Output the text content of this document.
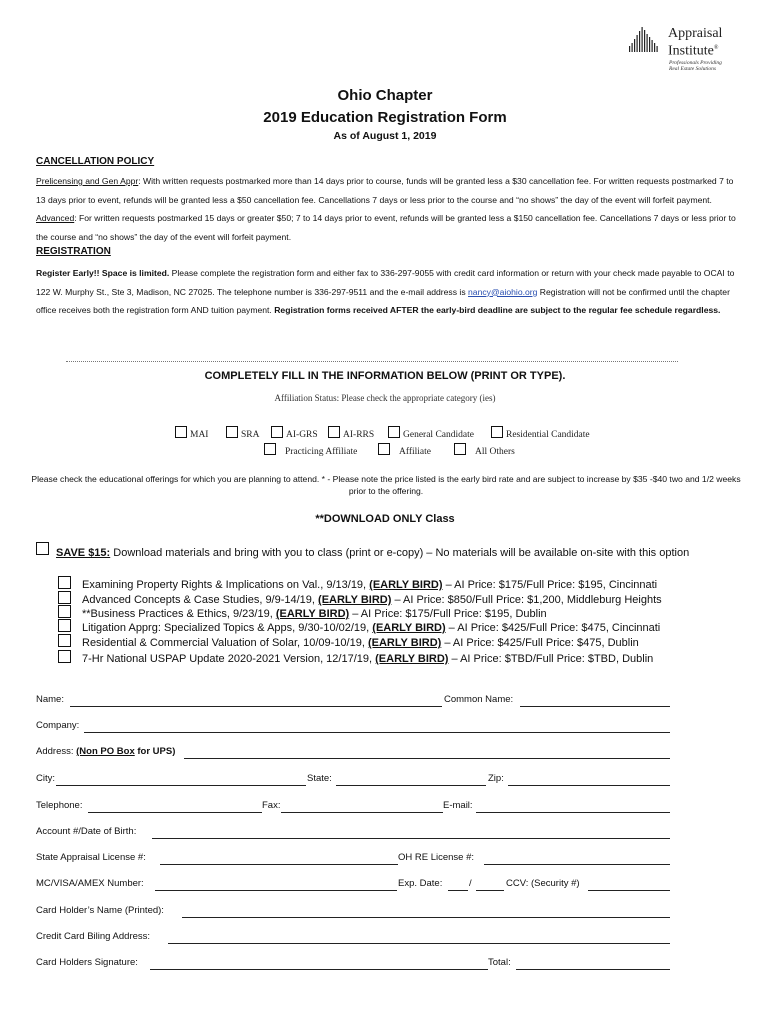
Appraisal
Institute®
Professionals Providing
Real Estate Solutions
Ohio Chapter
2019 Education Registration Form
As of August 1, 2019
CANCELLATION POLICY
Prelicensing and Gen Appr: With written requests postmarked more than 14 days prior to course, funds will be granted less a $30 cancellation fee. For written requests postmarked 7 to 13 days prior to event, refunds will be granted less a $50 cancellation fee. Cancellations 7 days or less prior to the course and “no shows” the day of the event will forfeit payment. Advanced: For written requests postmarked 15 days or greater $50; 7 to 14 days prior to event, refunds will be granted less a $150 cancellation fee. Cancellations 7 days or less prior to the course and “no shows” the day of the event will forfeit payment.
REGISTRATION
Register Early!! Space is limited. Please complete the registration form and either fax to 336-297-9055 with credit card information or return with your check made payable to OCAI to 122 W. Murphy St., Ste 3, Madison, NC 27025. The telephone number is 336-297-9511 and the e-mail address is nancy@aiohio.org Registration will not be confirmed until the chapter office receives both the registration form AND tuition payment. Registration forms received AFTER the early-bird deadline are subject to the regular fee schedule regardless.
COMPLETELY FILL IN THE INFORMATION BELOW (PRINT OR TYPE).
Affiliation Status: Please check the appropriate category (ies)
MAI	SRA	AI-GRS	AI-RRS	General Candidate	Residential Candidate
Practicing Affiliate	Affiliate	All Others
Please check the educational offerings for which you are planning to attend. * - Please note the price listed is the early bird rate and are subject to increase by $35 -$40 two and 1/2 weeks prior to the offering.
**DOWNLOAD ONLY Class
SAVE $15: Download materials and bring with you to class (print or e-copy) – No materials will be available on-site with this option
Examining Property Rights & Implications on Val., 9/13/19, (EARLY BIRD) – AI Price: $175/Full Price: $195, Cincinnati
Advanced Concepts & Case Studies, 9/9-14/19, (EARLY BIRD) – AI Price: $850/Full Price: $1,200, Middleburg Heights
**Business Practices & Ethics, 9/23/19, (EARLY BIRD) – AI Price: $175/Full Price: $195, Dublin
Litigation Apprg: Specialized Topics & Apps, 9/30-10/02/19, (EARLY BIRD) – AI Price: $425/Full Price: $475, Cincinnati
Residential & Commercial Valuation of Solar, 10/09-10/19, (EARLY BIRD) – AI Price: $425/Full Price: $475, Dublin
7-Hr National USPAP Update 2020-2021 Version, 12/17/19, (EARLY BIRD) – AI Price: $TBD/Full Price: $TBD, Dublin
Name:	Common Name:
Company:
Address: (Non PO Box for UPS)
City:	State:	Zip:
Telephone:	Fax:	E-mail:
Account #/Date of Birth:
State Appraisal License #:	OH RE License #:
MC/VISA/AMEX Number:	Exp. Date:	/	CCV: (Security #)
Card Holder’s Name (Printed):
Credit Card Biling Address:
Card Holders Signature:	Total:
